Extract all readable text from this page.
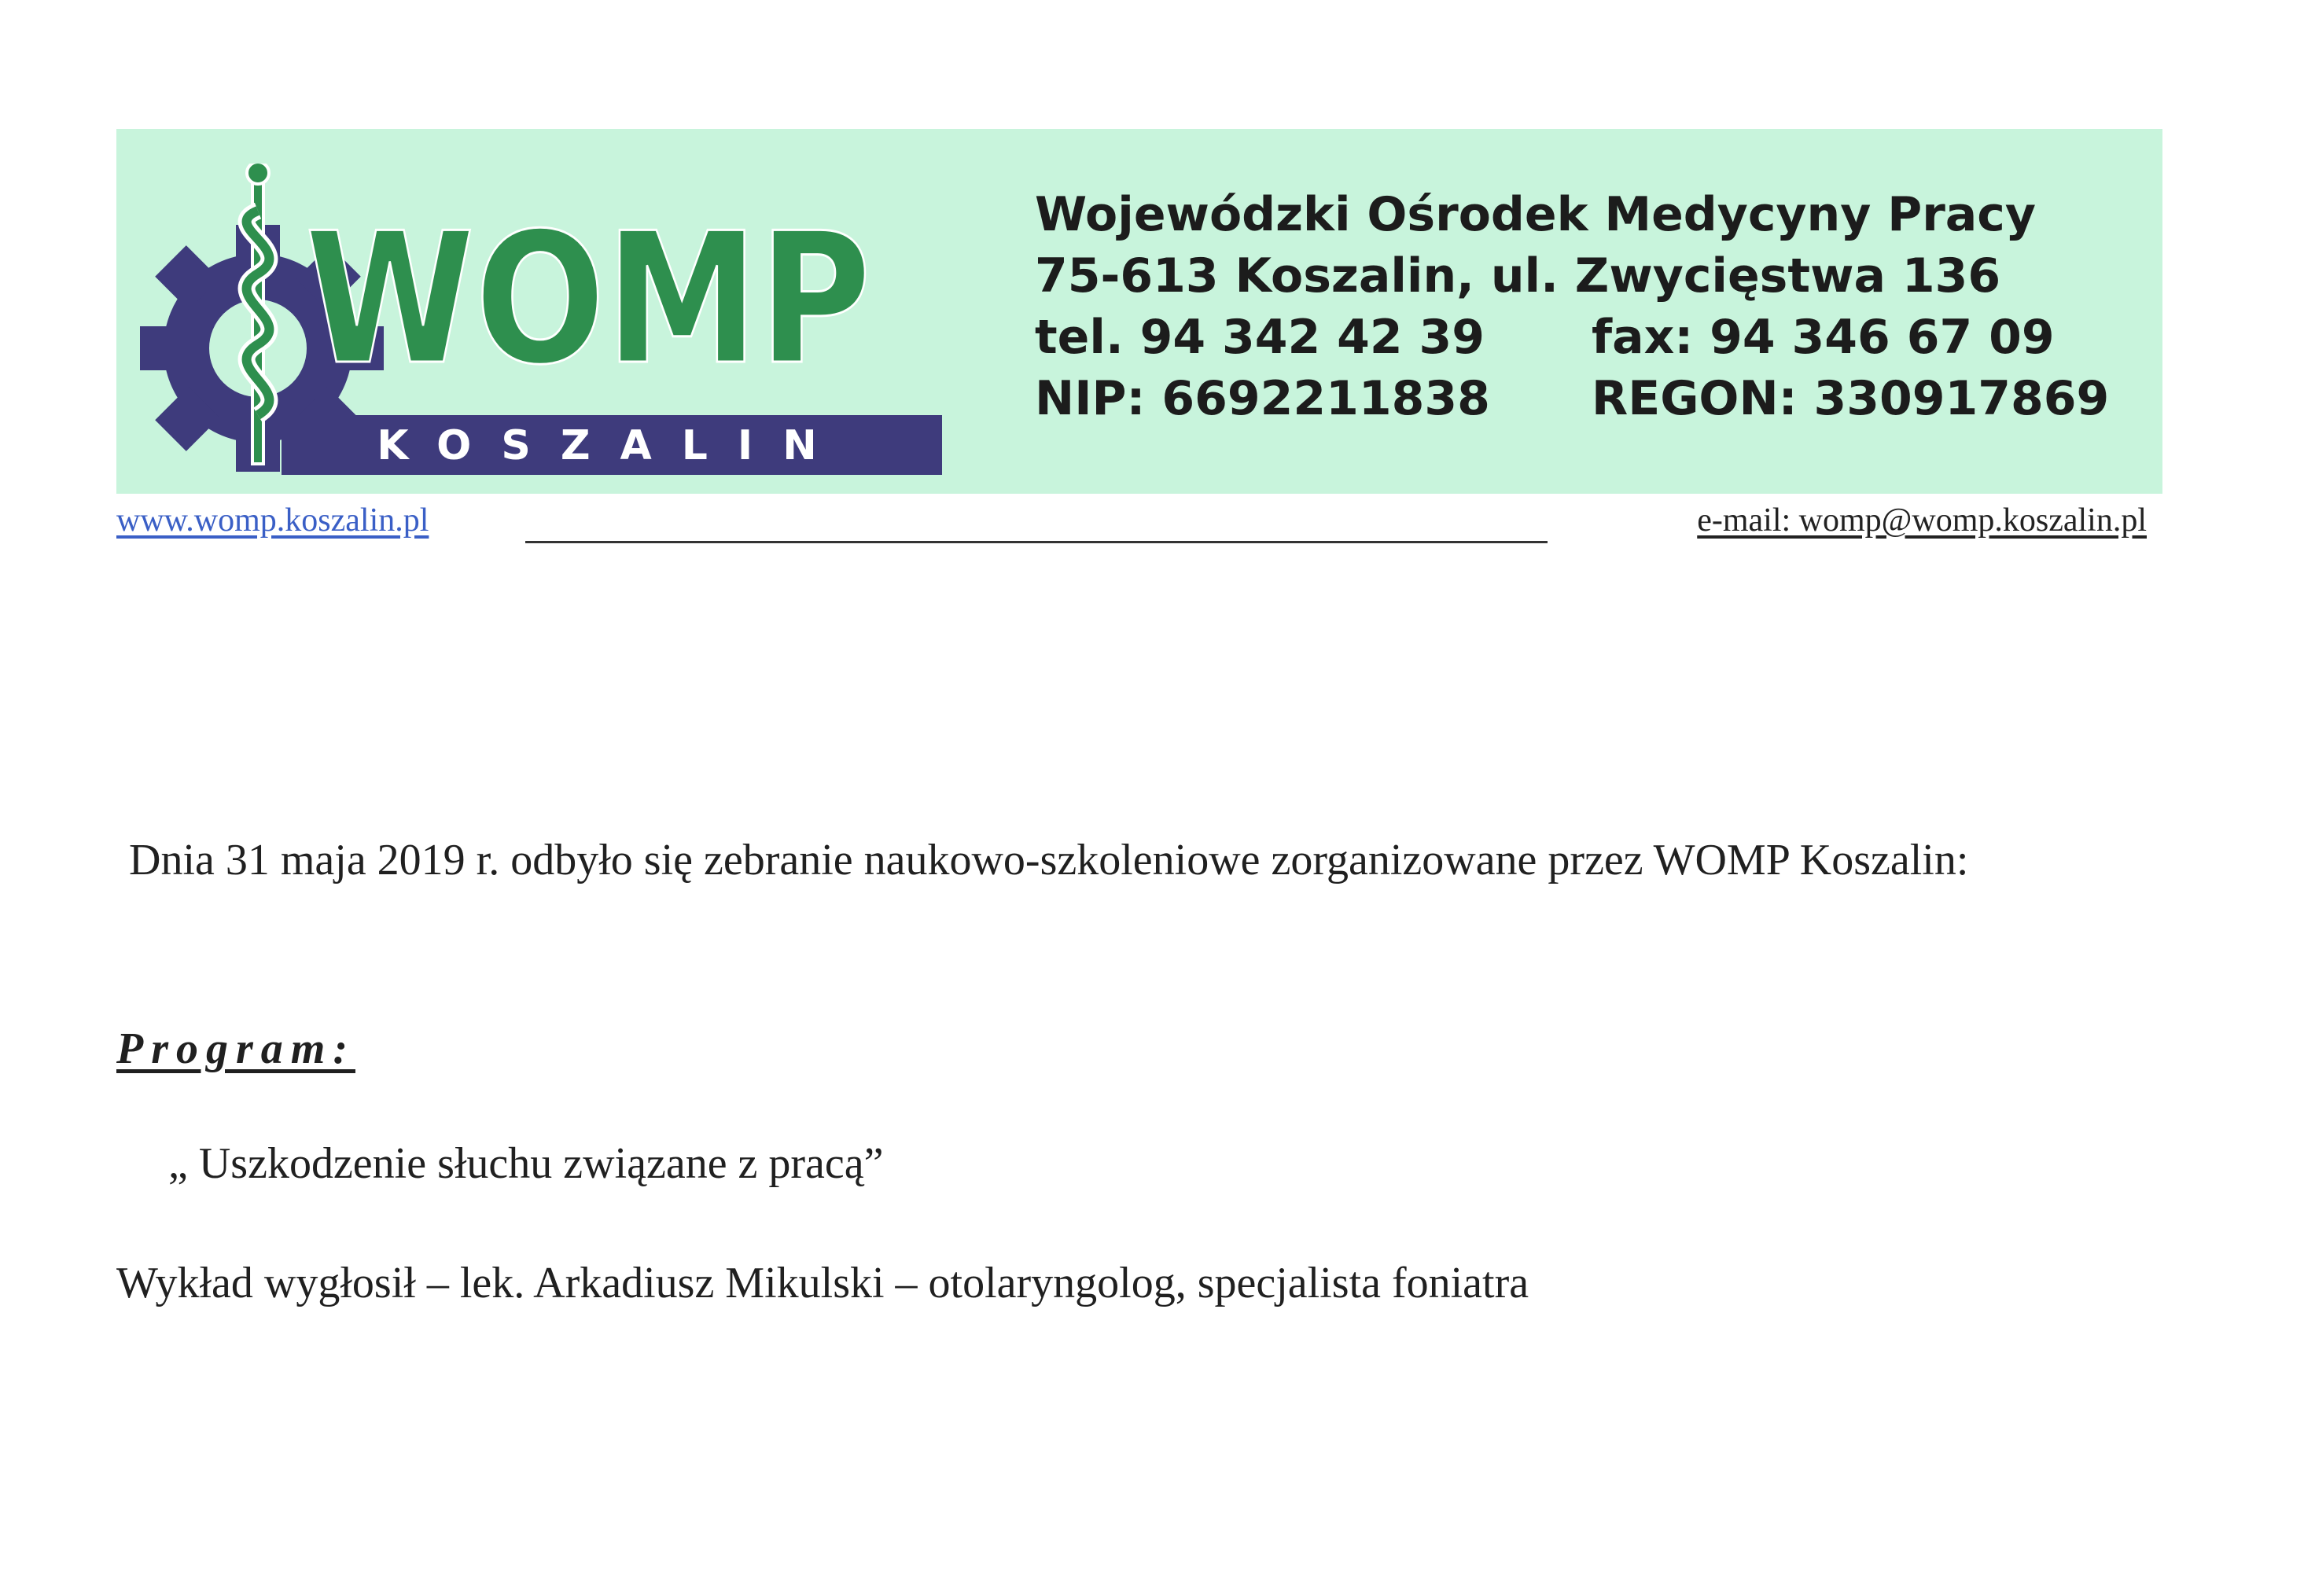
WOMP
KOSZALIN
Wojewódzki Ośrodek Medycyny Pracy
75-613 Koszalin, ul. Zwycięstwa 136
tel. 94 342 42 39 fax: 94 346 67 09
NIP: 6692211838 REGON: 330917869
www.womp.koszalin.pl	e-mail: womp@womp.koszalin.pl
Dnia 31 maja 2019 r. odbyło się zebranie naukowo-szkoleniowe zorganizowane przez WOMP Koszalin:
Program:
„ Uszkodzenie słuchu związane z pracą”
Wykład wygłosił – lek. Arkadiusz Mikulski – otolaryngolog, specjalista foniatra
